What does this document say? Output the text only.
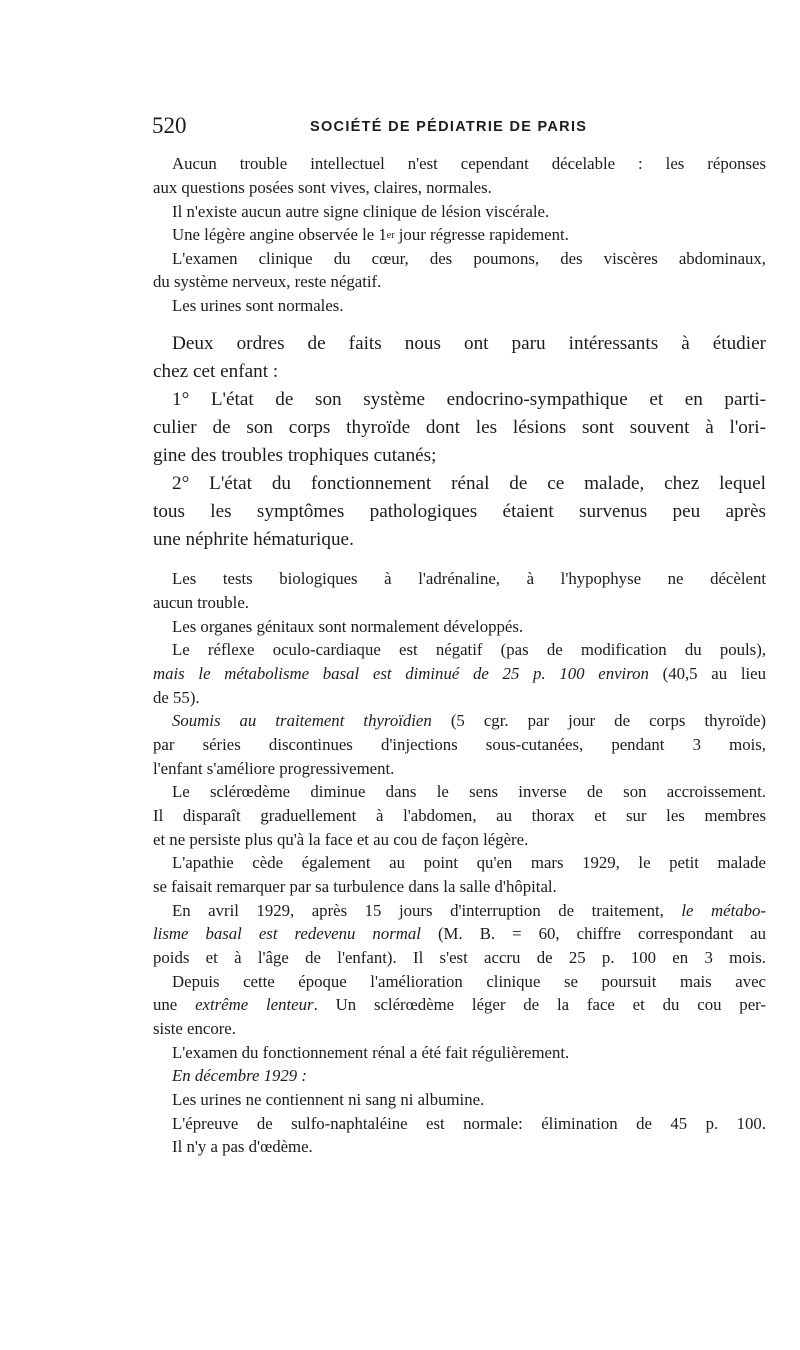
520	SOCIÉTÉ DE PÉDIATRIE DE PARIS

Aucun trouble intellectuel n'est cependant décelable : les réponses

aux questions posées sont vives, claires, normales.

Il n'existe aucun autre signe clinique de lésion viscérale.

Une légère angine observée le 1er jour régresse rapidement.

L'examen clinique du cœur, des poumons, des viscères abdominaux,

du système nerveux, reste négatif.

Les urines sont normales.

Deux ordres de faits nous ont paru intéressants à étudier

chez cet enfant :

1° L'état de son système endocrino-sympathique et en parti-

culier de son corps thyroïde dont les lésions sont souvent à l'ori-

gine des troubles trophiques cutanés;

2° L'état du fonctionnement rénal de ce malade, chez lequel

tous les symptômes pathologiques étaient survenus peu après

une néphrite hématurique.

Les tests biologiques à l'adrénaline, à l'hypophyse ne décèlent

aucun trouble.

Les organes génitaux sont normalement développés.

Le réflexe oculo-cardiaque est négatif (pas de modification du pouls),

mais le métabolisme basal est diminué de 25 p. 100 environ (40,5 au lieu

de 55).

Soumis au traitement thyroïdien (5 cgr. par jour de corps thyroïde)

par séries discontinues d'injections sous-cutanées, pendant 3 mois,

l'enfant s'améliore progressivement.

Le sclérœdème diminue dans le sens inverse de son accroissement.

Il disparaît graduellement à l'abdomen, au thorax et sur les membres

et ne persiste plus qu'à la face et au cou de façon légère.

L'apathie cède également au point qu'en mars 1929, le petit malade

se faisait remarquer par sa turbulence dans la salle d'hôpital.

En avril 1929, après 15 jours d'interruption de traitement, le métabo-

lisme basal est redevenu normal (M. B. = 60, chiffre correspondant au

poids et à l'âge de l'enfant). Il s'est accru de 25 p. 100 en 3 mois.

Depuis cette époque l'amélioration clinique se poursuit mais avec

une extrême lenteur. Un sclérœdème léger de la face et du cou per-

siste encore.

L'examen du fonctionnement rénal a été fait régulièrement.

En décembre 1929 :

Les urines ne contiennent ni sang ni albumine.

L'épreuve de sulfo-naphtaléine est normale: élimination de 45 p. 100.

Il n'y a pas d'œdème.
